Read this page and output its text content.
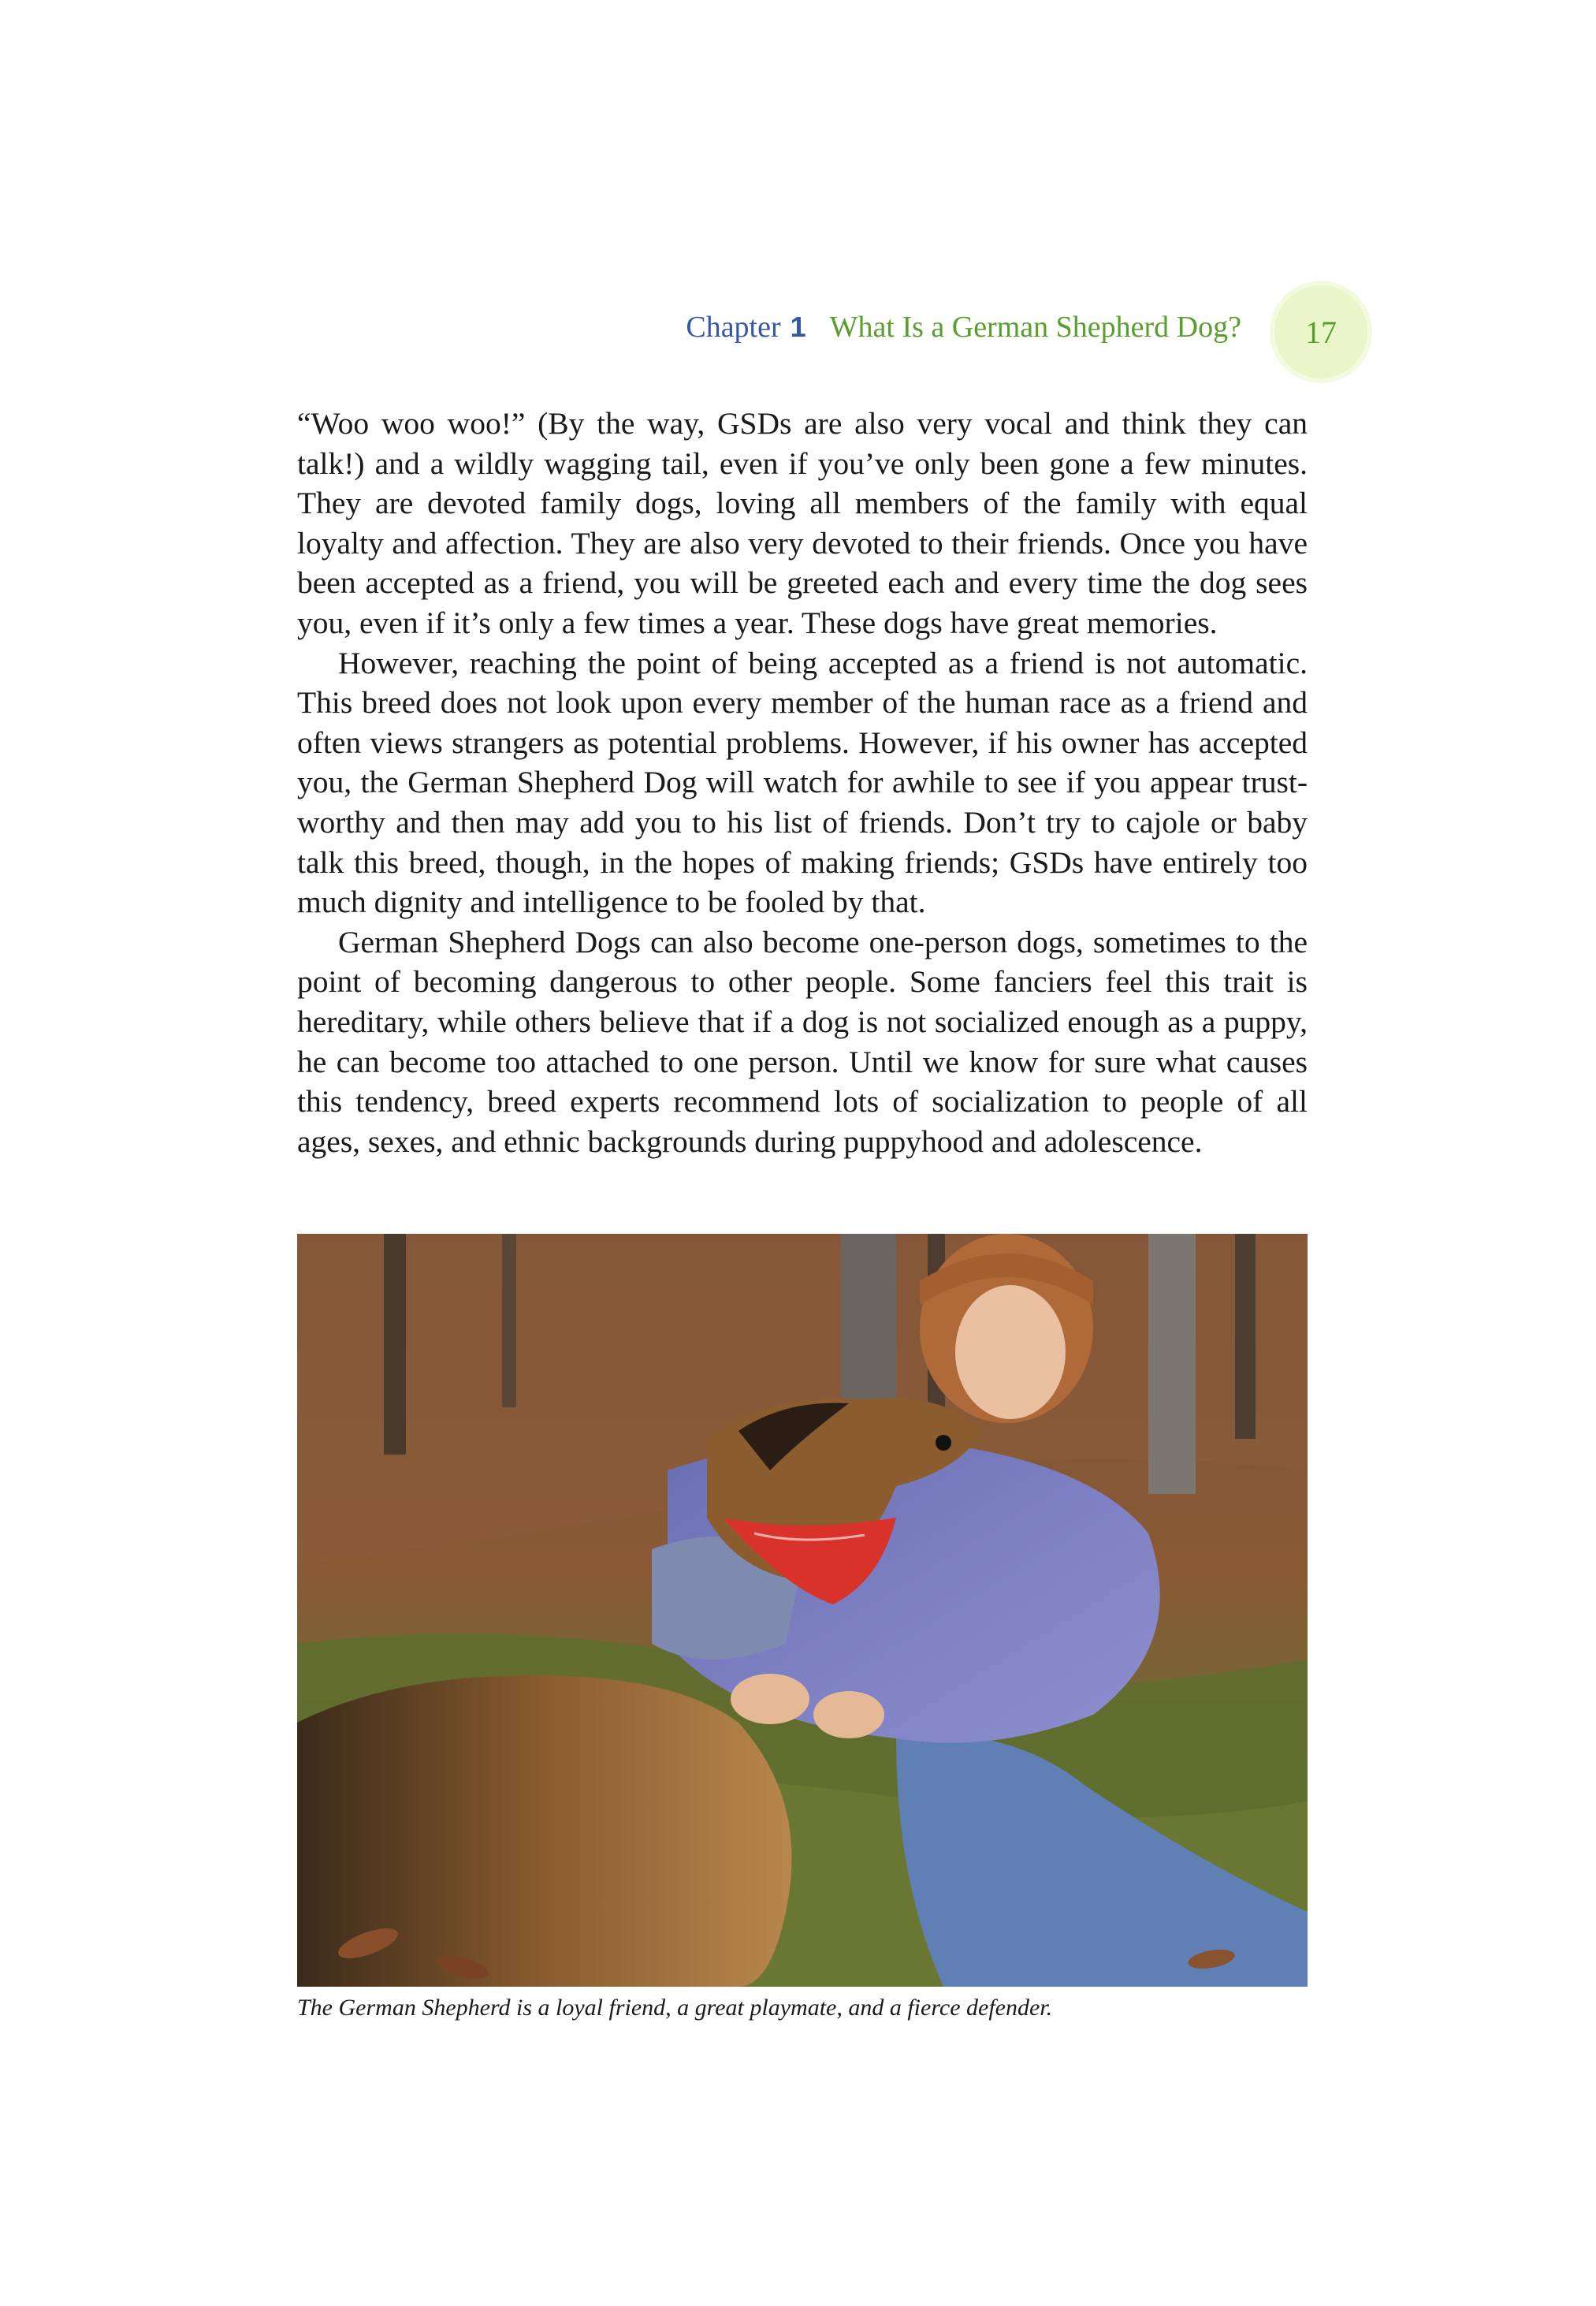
Chapter 1 What Is a German Shepherd Dog? 17

“Woo woo woo!” (By the way, GSDs are also very vocal and think they can talk!) and a wildly wagging tail, even if you’ve only been gone a few minutes. They are devoted family dogs, loving all members of the family with equal loyalty and affection. They are also very devoted to their friends. Once you have been accepted as a friend, you will be greeted each and every time the dog sees you, even if it’s only a few times a year. These dogs have great memories.

However, reaching the point of being accepted as a friend is not automatic. This breed does not look upon every member of the human race as a friend and often views strangers as potential problems. However, if his owner has accepted you, the German Shepherd Dog will watch for awhile to see if you appear trust-worthy and then may add you to his list of friends. Don’t try to cajole or baby talk this breed, though, in the hopes of making friends; GSDs have entirely too much dignity and intelligence to be fooled by that.

German Shepherd Dogs can also become one-person dogs, sometimes to the point of becoming dangerous to other people. Some fanciers feel this trait is hereditary, while others believe that if a dog is not socialized enough as a puppy, he can become too attached to one person. Until we know for sure what causes this tendency, breed experts recommend lots of socialization to people of all ages, sexes, and ethnic backgrounds during puppyhood and adolescence.

The German Shepherd is a loyal friend, a great playmate, and a fierce defender.
